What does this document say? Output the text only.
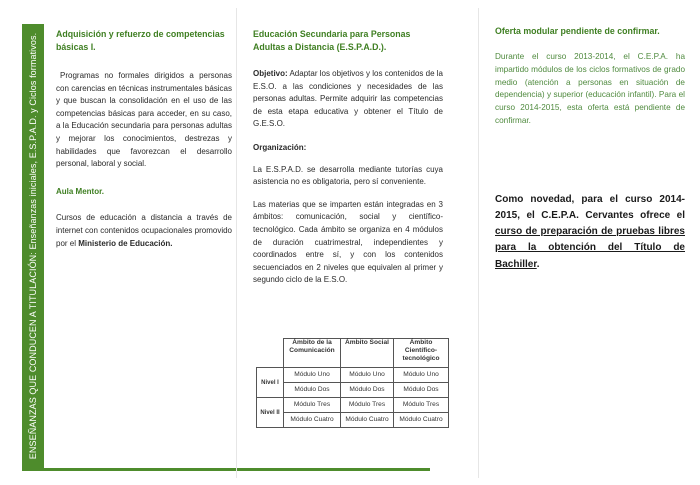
ENSEÑANZAS QUE CONDUCEN A TITULACIÓN: Enseñanzas iniciales, E.S.P.A.D. y Ciclos formativos.	Adquisición y refuerzo de competencias básicas I.

Programas no formales dirigidos a personas con carencias en técnicas instrumentales básicas y que buscan la consolidación en el uso de las competencias básicas para acceder, en su caso, a la Educación secundaria para personas adultas y mejorar los conocimientos, destrezas y habilidades que favorezcan el desarrollo personal, laboral y social.

Aula Mentor.

Cursos de educación a distancia a través de internet con contenidos ocupacionales promovido por el Ministerio de Educación.

Educación Secundaria para Personas Adultas a Distancia (E.S.P.A.D.).

Objetivo: Adaptar los objetivos y los contenidos de la E.S.O. a las condiciones y necesidades de las personas adultas. Permite adquirir las competencias de esta etapa educativa y obtener el Título de G.E.S.O.

Organización:

La E.S.P.A.D. se desarrolla mediante tutorías cuya asistencia no es obligatoria, pero sí conveniente.

Las materias que se imparten están integradas en 3 ámbitos: comunicación, social y científico-tecnológico. Cada ámbito se organiza en 4 módulos de duración cuatrimestral, independientes y coordinados entre sí, y con los contenidos secuenciados en 2 niveles que equivalen al primer y segundo ciclo de la E.S.O.

	Ámbito de la Comunicación	Ámbito Social	Ámbito Científico-tecnológico
Nivel I	Módulo Uno	Módulo Uno	Módulo Uno
	Módulo Dos	Módulo Dos	Módulo Dos
Nivel II	Módulo Tres	Módulo Tres	Módulo Tres
	Módulo Cuatro	Módulo Cuatro	Módulo Cuatro

Oferta modular pendiente de confirmar.

Durante el curso 2013-2014, el C.E.P.A. ha impartido módulos de los ciclos formativos de grado medio (atención a personas en situación de dependencia) y superior (educación infantil). Para el curso 2014-2015, esta oferta está pendiente de confirmar.

Como novedad, para el curso 2014-2015, el C.E.P.A. Cervantes ofrece el curso de preparación de pruebas libres para la obtención del Título de Bachiller.
